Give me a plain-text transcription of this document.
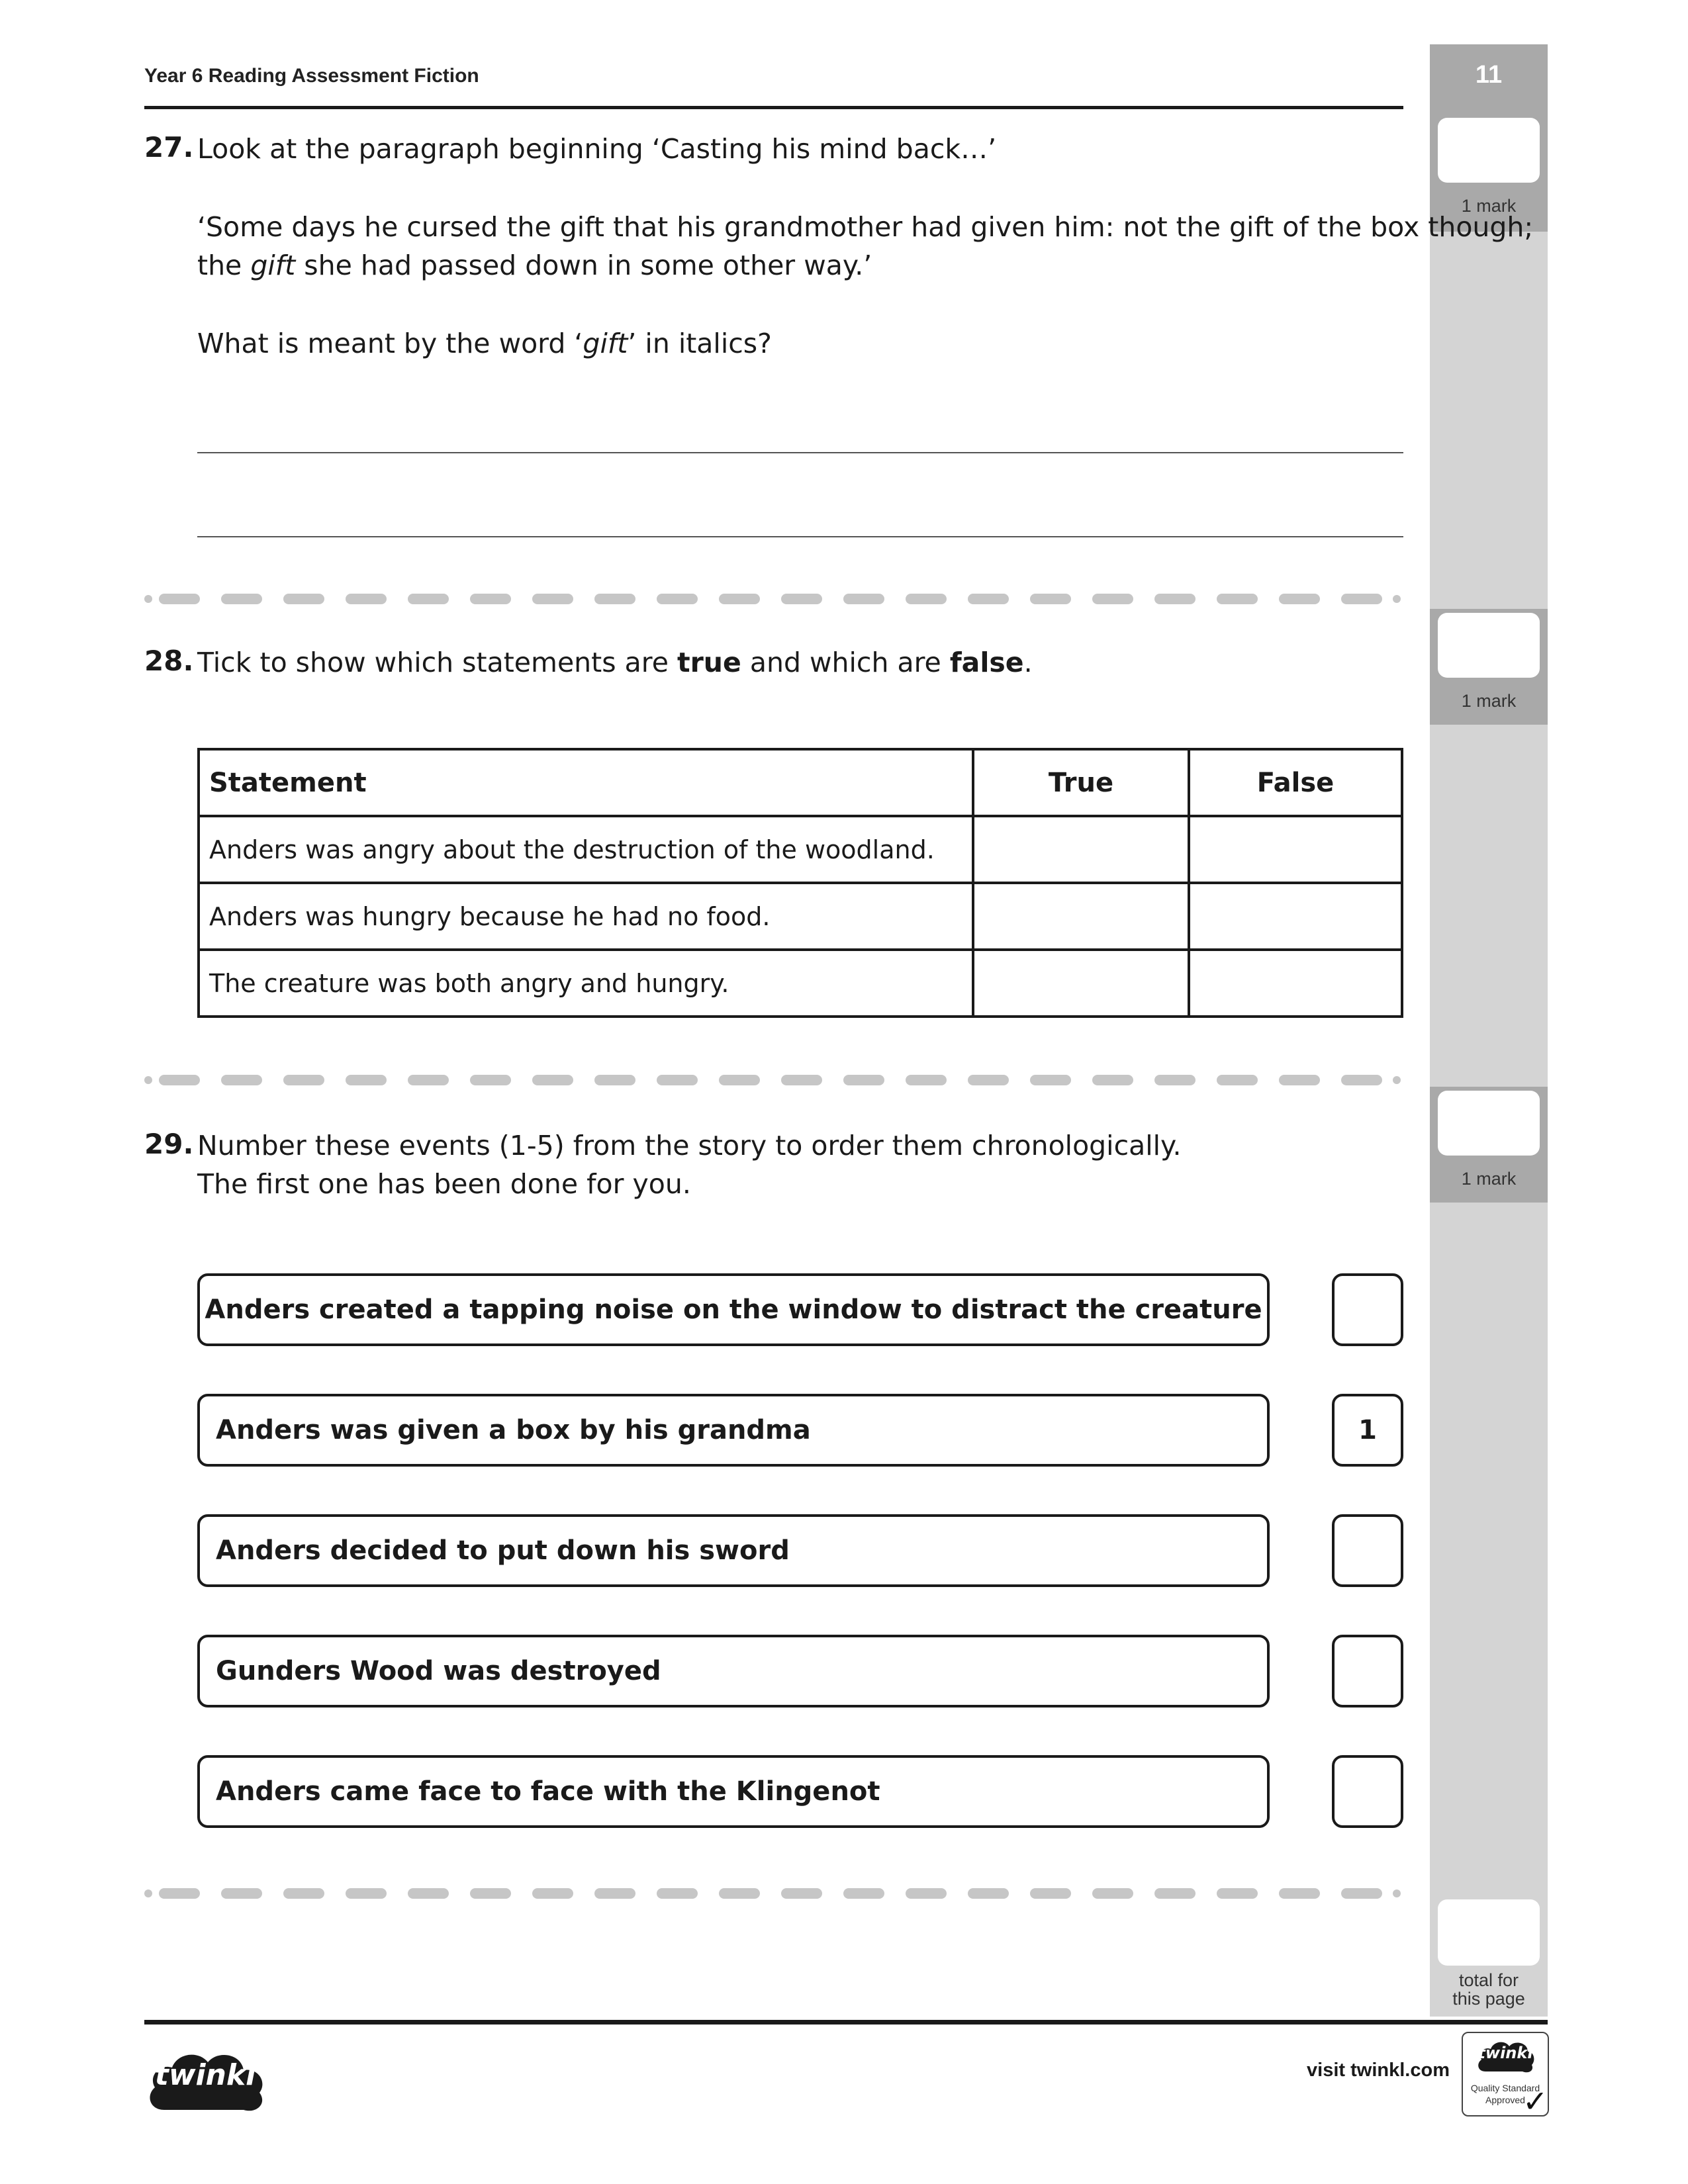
Year 6 Reading Assessment Fiction	11
1 mark
1 mark
1 mark
total for
this page
27. Look at the paragraph beginning ‘Casting his mind back…’
‘Some days he cursed the gift that his grandmother had given him: not the gift of the box though;
the gift she had passed down in some other way.’
What is meant by the word ‘gift’ in italics?
28. Tick to show which statements are true and which are false.
Statement	True	False
Anders was angry about the destruction of the woodland.		
Anders was hungry because he had no food.		
The creature was both angry and hungry.		
29. Number these events (1-5) from the story to order them chronologically.
The first one has been done for you.
Anders created a tapping noise on the window to distract the creature
Anders was given a box by his grandma	1
Anders decided to put down his sword
Gunders Wood was destroyed
Anders came face to face with the Klingenot
twinkl	visit twinkl.com
twinkl
Quality Standard
Approved
✓
